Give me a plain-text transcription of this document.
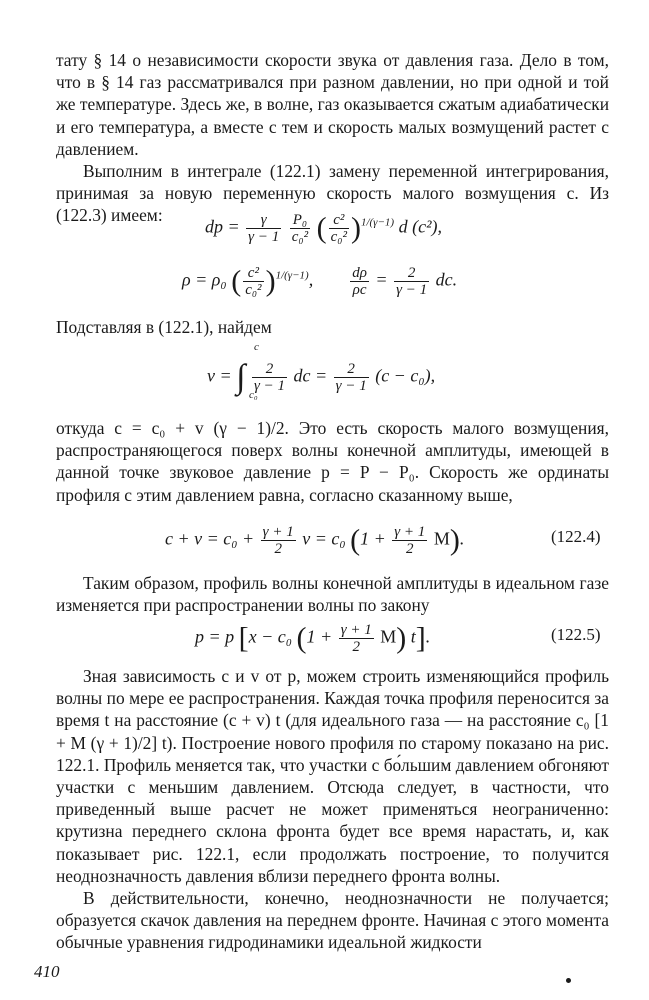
тату § 14 о независимости скорости звука от давления газа. Дело в том, что в § 14 газ рассматривался при разном давлении, но при одной и той же температуре. Здесь же, в волне, газ оказывается сжатым адиабатически и его температура, а вместе с тем и скорость малых возмущений растет с давлением.

Выполним в интеграле (122.1) замену переменной интегрирования, принимая за новую переменную скорость малого возмущения c. Из (122.3) имеем:

dp = $\frac{\gamma}{\gamma - 1}$
$\frac{\text{P₀}}{\text{c₀²}}$ ( $\frac{\text{c²}}{\text{c₀²}} )^{1/(\gamma-1)}$ d (c²),
ρ = ρ₀ ( $\frac{\text{c²}}{\text{c₀²}} )^{1/(\gamma-1)}$, $\frac{d\rho}{\rho c} = \frac{2}{\gamma - 1}$ dc.

Подставляя в (122.1), найдем

v = ∫ $\frac{2}{\gamma - 1}$ dc = $\frac{2}{\gamma - 1} (c - c_0)$,
c
c₀

откуда c = c₀ + v (γ − 1)/2. Это есть скорость малого возмущения, распространяющегося поверх волны конечной амплитуды, имеющей в данной точке звуковое давление p = P − P₀. Скорость же ординаты профиля с этим давлением равна, согласно сказанному выше,

$c + v = c_0 + \frac{\gamma + 1}{2}$ v = c₀ $(1 + \frac{\gamma + 1}{2} M)$.	(122.4)

Таким образом, профиль волны конечной амплитуды в идеальном газе изменяется при распространении волны по закону

p = p [x − c₀ $(1 + \frac{\gamma + 1}{2} M)$ t].	(122.5)

Зная зависимость c и v от p, можем строить изменяющийся профиль волны по мере ее распространения. Каждая точка профиля переносится за время t на расстояние (c + v) t (для идеального газа — на расстояние c₀ [1 + M (γ + 1)/2] t). Построение нового профиля по старому показано на рис. 122.1. Профиль меняется так, что участки с бо́льшим давлением обгоняют участки с меньшим давлением. Отсюда следует, в частности, что приведенный выше расчет не может применяться неограниченно: крутизна переднего склона фронта будет все время нарастать, и, как показывает рис. 122.1, если продолжать построение, то получится неоднозначность давления вблизи переднего фронта волны.

В действительности, конечно, неоднозначности не получается; образуется скачок давления на переднем фронте. Начиная с этого момента обычные уравнения гидродинамики идеальной жидкости

410
